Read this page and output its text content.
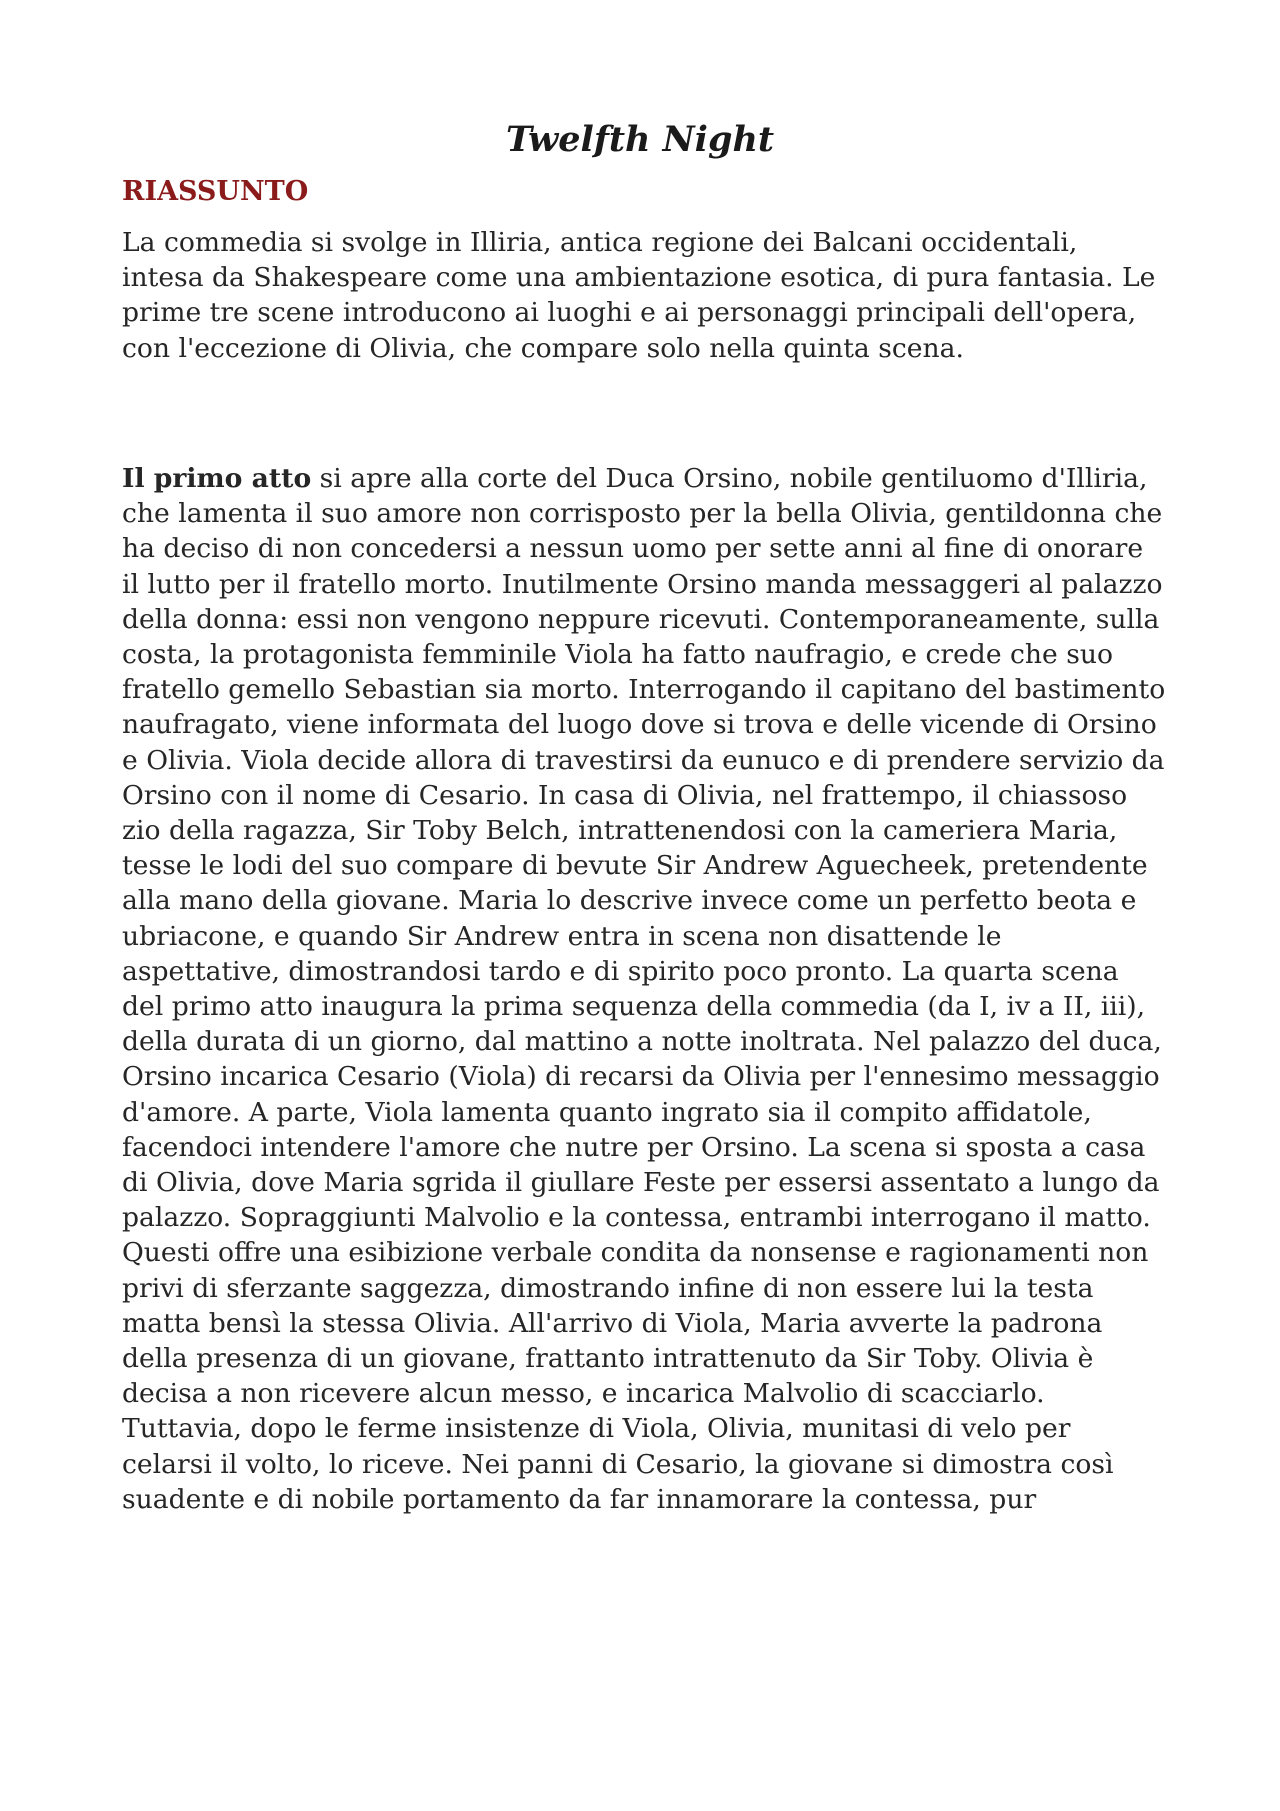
Twelfth Night
RIASSUNTO

La commedia si svolge in Illiria, antica regione dei Balcani occidentali, intesa da Shakespeare come una ambientazione esotica, di pura fantasia. Le prime tre scene introducono ai luoghi e ai personaggi principali dell'opera, con l'eccezione di Olivia, che compare solo nella quinta scena.

Il primo atto si apre alla corte del Duca Orsino, nobile gentiluomo d'Illiria, che lamenta il suo amore non corrisposto per la bella Olivia, gentildonna che ha deciso di non concedersi a nessun uomo per sette anni al fine di onorare il lutto per il fratello morto. Inutilmente Orsino manda messaggeri al palazzo della donna: essi non vengono neppure ricevuti. Contemporaneamente, sulla costa, la protagonista femminile Viola ha fatto naufragio, e crede che suo fratello gemello Sebastian sia morto. Interrogando il capitano del bastimento naufragato, viene informata del luogo dove si trova e delle vicende di Orsino e Olivia. Viola decide allora di travestirsi da eunuco e di prendere servizio da Orsino con il nome di Cesario. In casa di Olivia, nel frattempo, il chiassoso zio della ragazza, Sir Toby Belch, intrattenendosi con la cameriera Maria, tesse le lodi del suo compare di bevute Sir Andrew Aguecheek, pretendente alla mano della giovane. Maria lo descrive invece come un perfetto beota e ubriacone, e quando Sir Andrew entra in scena non disattende le aspettative, dimostrandosi tardo e di spirito poco pronto. La quarta scena del primo atto inaugura la prima sequenza della commedia (da I, iv a II, iii), della durata di un giorno, dal mattino a notte inoltrata. Nel palazzo del duca, Orsino incarica Cesario (Viola) di recarsi da Olivia per l'ennesimo messaggio d'amore. A parte, Viola lamenta quanto ingrato sia il compito affidatole, facendoci intendere l'amore che nutre per Orsino. La scena si sposta a casa di Olivia, dove Maria sgrida il giullare Feste per essersi assentato a lungo da palazzo. Sopraggiunti Malvolio e la contessa, entrambi interrogano il matto. Questi offre una esibizione verbale condita da nonsense e ragionamenti non privi di sferzante saggezza, dimostrando infine di non essere lui la testa matta bensì la stessa Olivia. All'arrivo di Viola, Maria avverte la padrona della presenza di un giovane, frattanto intrattenuto da Sir Toby. Olivia è decisa a non ricevere alcun messo, e incarica Malvolio di scacciarlo. Tuttavia, dopo le ferme insistenze di Viola, Olivia, munitasi di velo per celarsi il volto, lo riceve. Nei panni di Cesario, la giovane si dimostra così suadente e di nobile portamento da far innamorare la contessa, pur
